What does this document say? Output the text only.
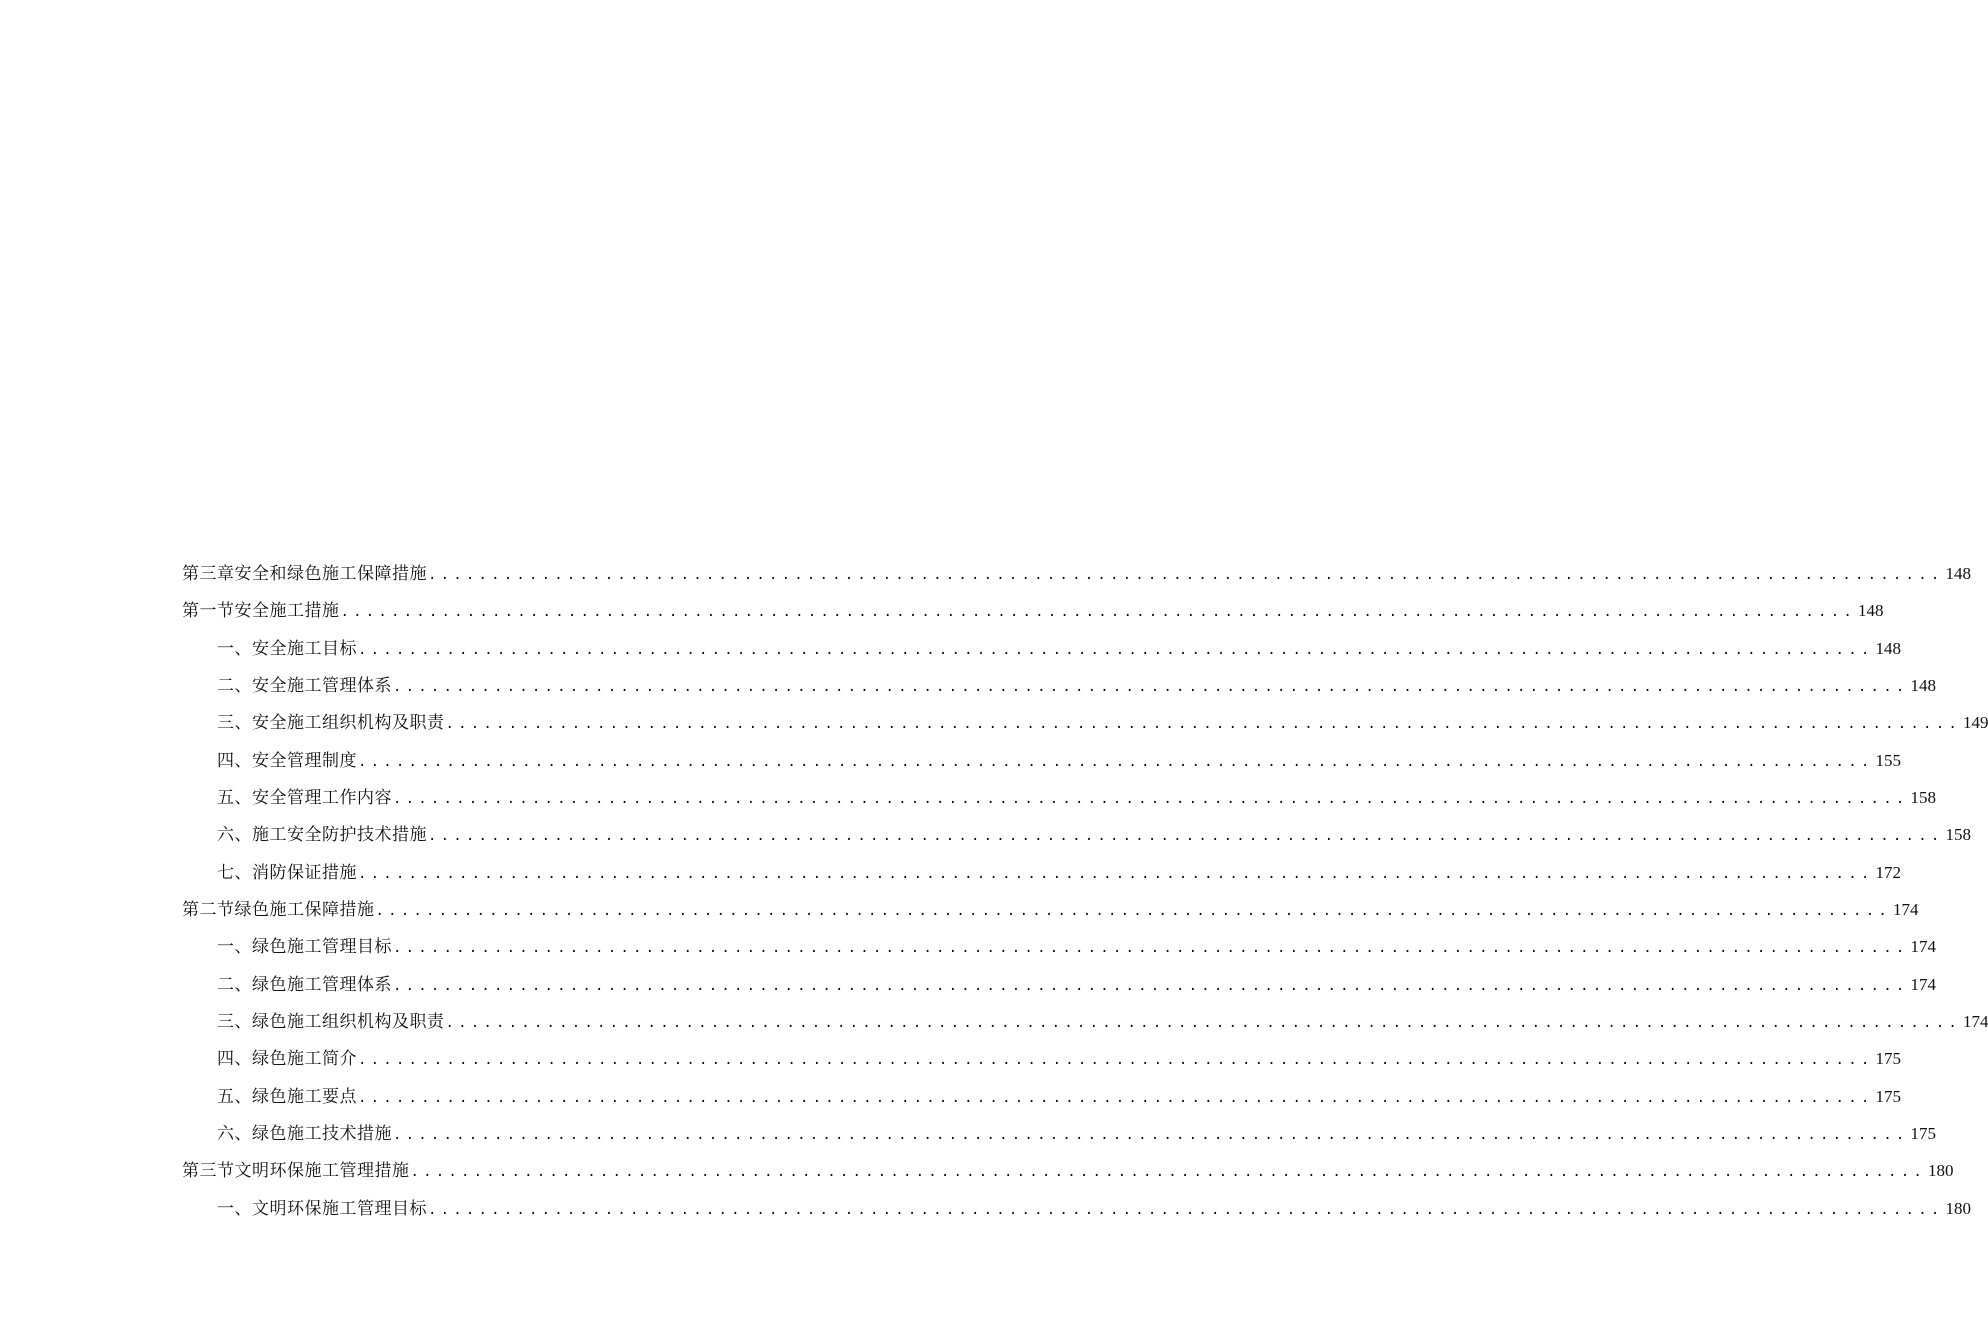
第三章安全和绿色施工保障措施 ........................................................................................................................ 148
第一节安全施工措施 ........................................................................................................................ 148
一、安全施工目标 ........................................................................................................................ 148
二、安全施工管理体系 ........................................................................................................................ 148
三、安全施工组织机构及职责 ........................................................................................................................ 149
四、安全管理制度 ........................................................................................................................ 155
五、安全管理工作内容 ........................................................................................................................ 158
六、施工安全防护技术措施 ........................................................................................................................ 158
七、消防保证措施 ........................................................................................................................ 172
第二节绿色施工保障措施 ........................................................................................................................ 174
一、绿色施工管理目标 ........................................................................................................................ 174
二、绿色施工管理体系 ........................................................................................................................ 174
三、绿色施工组织机构及职责 ........................................................................................................................ 174
四、绿色施工简介 ........................................................................................................................ 175
五、绿色施工要点 ........................................................................................................................ 175
六、绿色施工技术措施 ........................................................................................................................ 175
第三节文明环保施工管理措施 ........................................................................................................................ 180
一、文明环保施工管理目标 ........................................................................................................................ 180
